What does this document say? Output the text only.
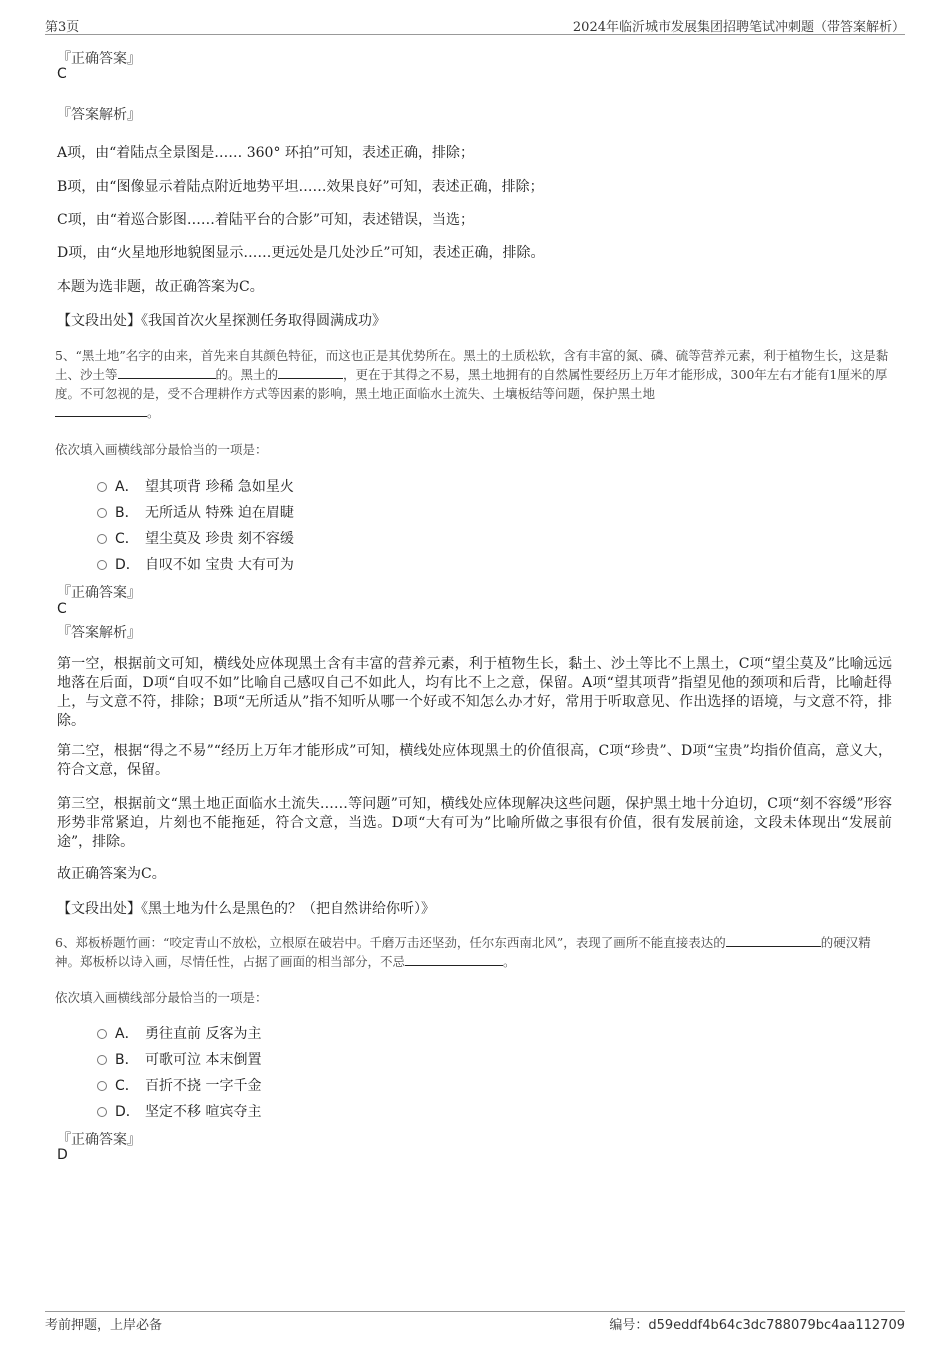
第3页	2024年临沂城市发展集团招聘笔试冲刺题（带答案解析）
『正确答案』
C
『答案解析』
A项，由“着陆点全景图是…… 360° 环拍”可知，表述正确，排除；
B项，由“图像显示着陆点附近地势平坦……效果良好”可知，表述正确，排除；
C项，由“着巡合影图……着陆平台的合影”可知，表述错误，当选；
D项，由“火星地形地貌图显示……更远处是几处沙丘”可知，表述正确，排除。
本题为选非题，故正确答案为C。
【文段出处】《我国首次火星探测任务取得圆满成功》
5、“黑土地”名字的由来，首先来自其颜色特征，而这也正是其优势所在。黑土的土质松软，含有丰富的氮、磷、硫等营养元素，利于植物生长，这是黏土、沙土等	的。黑土的	，更在于其得之不易，黑土地拥有的自然属性要经历上万年才能形成，300年左右才能有1厘米的厚度。不可忽视的是，受不合理耕作方式等因素的影响，黑土地正面临水土流失、土壤板结等问题，保护黑土地
。
依次填入画横线部分最恰当的一项是：
A． 望其项背 珍稀 急如星火
B． 无所适从 特殊 迫在眉睫
C． 望尘莫及 珍贵 刻不容缓
D． 自叹不如 宝贵 大有可为
『正确答案』
C
『答案解析』
第一空，根据前文可知，横线处应体现黑土含有丰富的营养元素，利于植物生长，黏土、沙土等比不上黑土，C项“望尘莫及”比喻远远地落在后面，D项“自叹不如”比喻自己感叹自己不如此人，均有比不上之意，保留。A项“望其项背”指望见他的颈项和后背，比喻赶得上，与文意不符，排除；B项“无所适从”指不知听从哪一个好或不知怎么办才好，常用于听取意见、作出选择的语境，与文意不符，排除。
第二空，根据“得之不易”“经历上万年才能形成”可知，横线处应体现黑土的价值很高，C项“珍贵”、D项“宝贵”均指价值高，意义大，符合文意，保留。
第三空，根据前文“黑土地正面临水土流失……等问题”可知，横线处应体现解决这些问题，保护黑土地十分迫切，C项“刻不容缓”形容形势非常紧迫，片刻也不能拖延，符合文意，当选。D项“大有可为”比喻所做之事很有价值，很有发展前途，文段未体现出“发展前途”，排除。
故正确答案为C。
【文段出处】《黑土地为什么是黑色的？（把自然讲给你听）》
6、郑板桥题竹画：“咬定青山不放松，立根原在破岩中。千磨万击还坚劲，任尔东西南北风”，表现了画所不能直接表达的	的硬汉精神。郑板桥以诗入画，尽情任性，占据了画面的相当部分，不忌	。
依次填入画横线部分最恰当的一项是：
A． 勇往直前 反客为主
B． 可歌可泣 本末倒置
C． 百折不挠 一字千金
D． 坚定不移 喧宾夺主
『正确答案』
D
考前押题，上岸必备	编号：d59eddf4b64c3dc788079bc4aa112709
